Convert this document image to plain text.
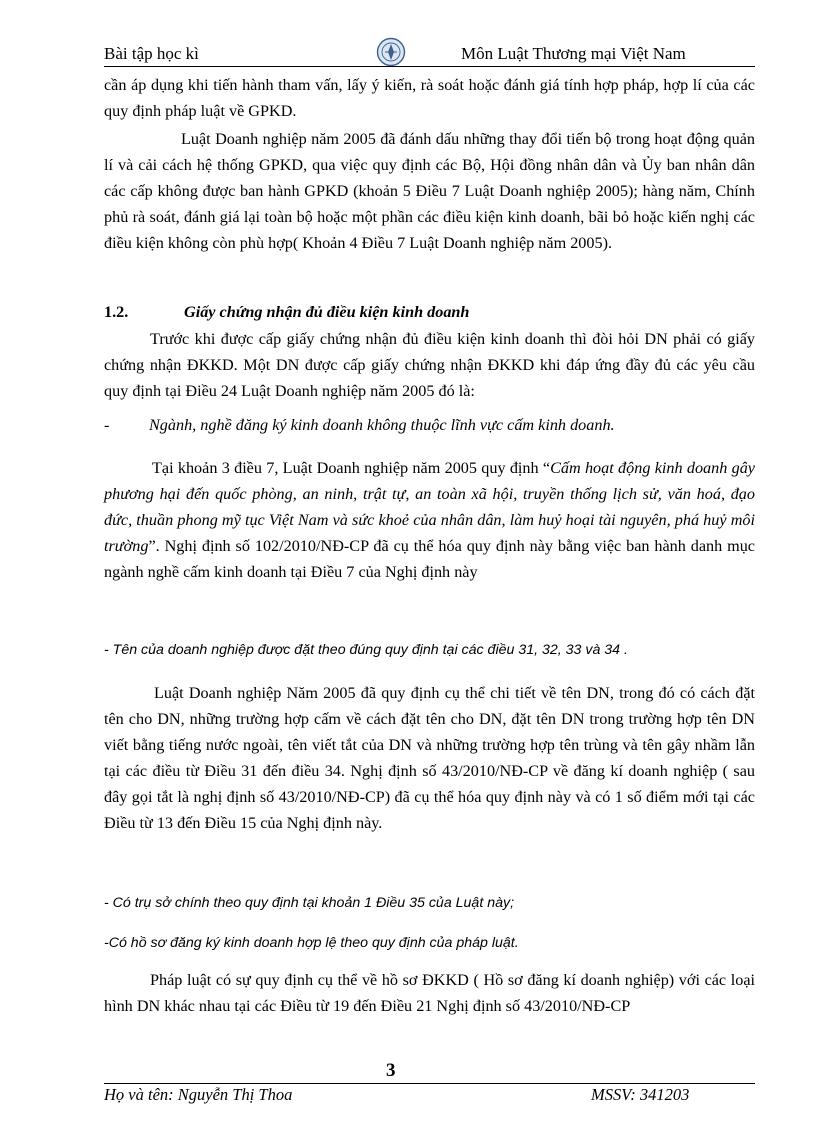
Bài tập học kì	Môn Luật Thương mại Việt Nam

cần áp dụng khi tiến hành tham vấn, lấy ý kiến, rà soát hoặc đánh giá tính hợp pháp, hợp lí của các quy định pháp luật về GPKD.

Luật Doanh nghiệp năm 2005 đã đánh dấu những thay đổi tiến bộ trong hoạt động quản lí và cải cách hệ thống GPKD, qua việc quy định các Bộ, Hội đồng nhân dân và Ủy ban nhân dân các cấp không được ban hành GPKD (khoản 5 Điều 7 Luật Doanh nghiệp 2005); hàng năm, Chính phủ rà soát, đánh giá lại toàn bộ hoặc một phần các điều kiện kinh doanh, bãi bỏ hoặc kiến nghị các điều kiện không còn phù hợp( Khoản 4 Điều 7 Luật Doanh nghiệp năm 2005).

1.2.	Giấy chứng nhận đủ điều kiện kinh doanh

Trước khi được cấp giấy chứng nhận đủ điều kiện kinh doanh thì đòi hỏi DN phải có giấy chứng nhận ĐKKD. Một DN được cấp giấy chứng nhận ĐKKD khi đáp ứng đầy đủ các yêu cầu quy định tại Điều 24 Luật Doanh nghiệp năm 2005 đó là:

- Ngành, nghề đăng ký kinh doanh không thuộc lĩnh vực cấm kinh doanh.

Tại khoản 3 điều 7, Luật Doanh nghiệp năm 2005 quy định “Cấm hoạt động kinh doanh gây phương hại đến quốc phòng, an ninh, trật tự, an toàn xã hội, truyền thống lịch sử, văn hoá, đạo đức, thuần phong mỹ tục Việt Nam và sức khoẻ của nhân dân, làm huỷ hoại tài nguyên, phá huỷ môi trường”. Nghị định số 102/2010/NĐ-CP đã cụ thể hóa quy định này bằng việc ban hành danh mục ngành nghề cấm kinh doanh tại Điều 7 của Nghị định này

- Tên của doanh nghiệp được đặt theo đúng quy định tại các điều 31, 32, 33 và 34 .

Luật Doanh nghiệp Năm 2005 đã quy định cụ thể chi tiết về tên DN, trong đó có cách đặt tên cho DN, những trường hợp cấm về cách đặt tên cho DN, đặt tên DN trong trường hợp tên DN viết bằng tiếng nước ngoài, tên viết tắt của DN và những trường hợp tên trùng và tên gây nhầm lẫn tại các điều từ Điều 31 đến điều 34. Nghị định số 43/2010/NĐ-CP về đăng kí doanh nghiệp ( sau đây gọi tắt là nghị định số 43/2010/NĐ-CP) đã cụ thể hóa quy định này và có 1 số điểm mới tại các Điều từ 13 đến Điều 15 của Nghị định này.

- Có trụ sở chính theo quy định tại khoản 1 Điều 35 của Luật này;
-Có hồ sơ đăng ký kinh doanh hợp lệ theo quy định của pháp luật.

Pháp luật có sự quy định cụ thể về hồ sơ ĐKKD ( Hồ sơ đăng kí doanh nghiệp) với các loại hình DN khác nhau tại các Điều từ 19 đến Điều 21 Nghị định số 43/2010/NĐ-CP

3
Họ và tên: Nguyễn Thị Thoa	MSSV: 341203
